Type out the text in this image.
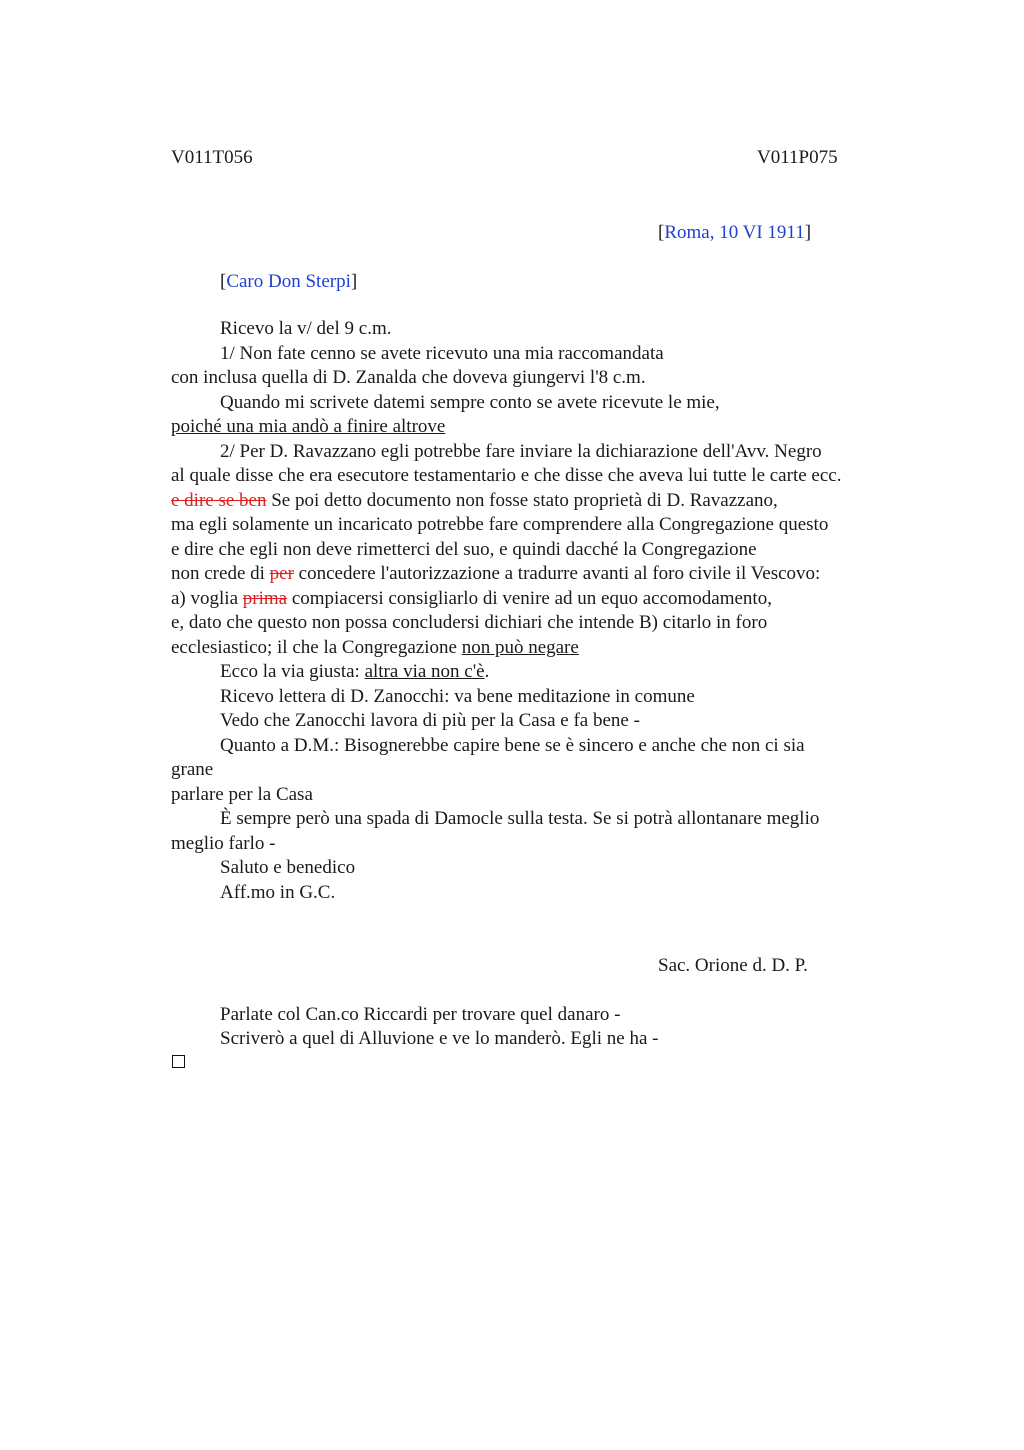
V011T056	V011P075
[Roma, 10 VI 1911]
[Caro Don Sterpi]
Ricevo la v/ del 9 c.m.
1/ Non fate cenno se avete ricevuto una mia raccomandata
con inclusa quella di D. Zanalda che doveva giungervi l'8 c.m.
Quando mi scrivete datemi sempre conto se avete ricevute le mie,
poiché una mia andò a finire altrove
2/ Per D. Ravazzano egli potrebbe fare inviare la dichiarazione dell'Avv. Negro
al quale disse che era esecutore testamentario e che disse che aveva lui tutte le carte ecc.
e dire se ben Se poi detto documento non fosse stato proprietà di D. Ravazzano,
ma egli solamente un incaricato potrebbe fare comprendere alla Congregazione questo
e dire che egli non deve rimetterci del suo, e quindi dacché la Congregazione
non crede di per concedere l'autorizzazione a tradurre avanti al foro civile il Vescovo:
a) voglia prima compiacersi consigliarlo di venire ad un equo accomodamento,
e, dato che questo non possa concludersi dichiari che intende B) citarlo in foro
ecclesiastico; il che la Congregazione non può negare
Ecco la via giusta: altra via non c'è.
Ricevo lettera di D. Zanocchi: va bene meditazione in comune
Vedo che Zanocchi lavora di più per la Casa e fa bene -
Quanto a D.M.: Bisognerebbe capire bene se è sincero e anche che non ci sia
grane
parlare per la Casa
È sempre però una spada di Damocle sulla testa. Se si potrà allontanare meglio
meglio farlo -
Saluto e benedico
Aff.mo in G.C.
Sac. Orione d. D. P.
Parlate col Can.co Riccardi per trovare quel danaro -
Scriverò a quel di Alluvione e ve lo manderò. Egli ne ha -
